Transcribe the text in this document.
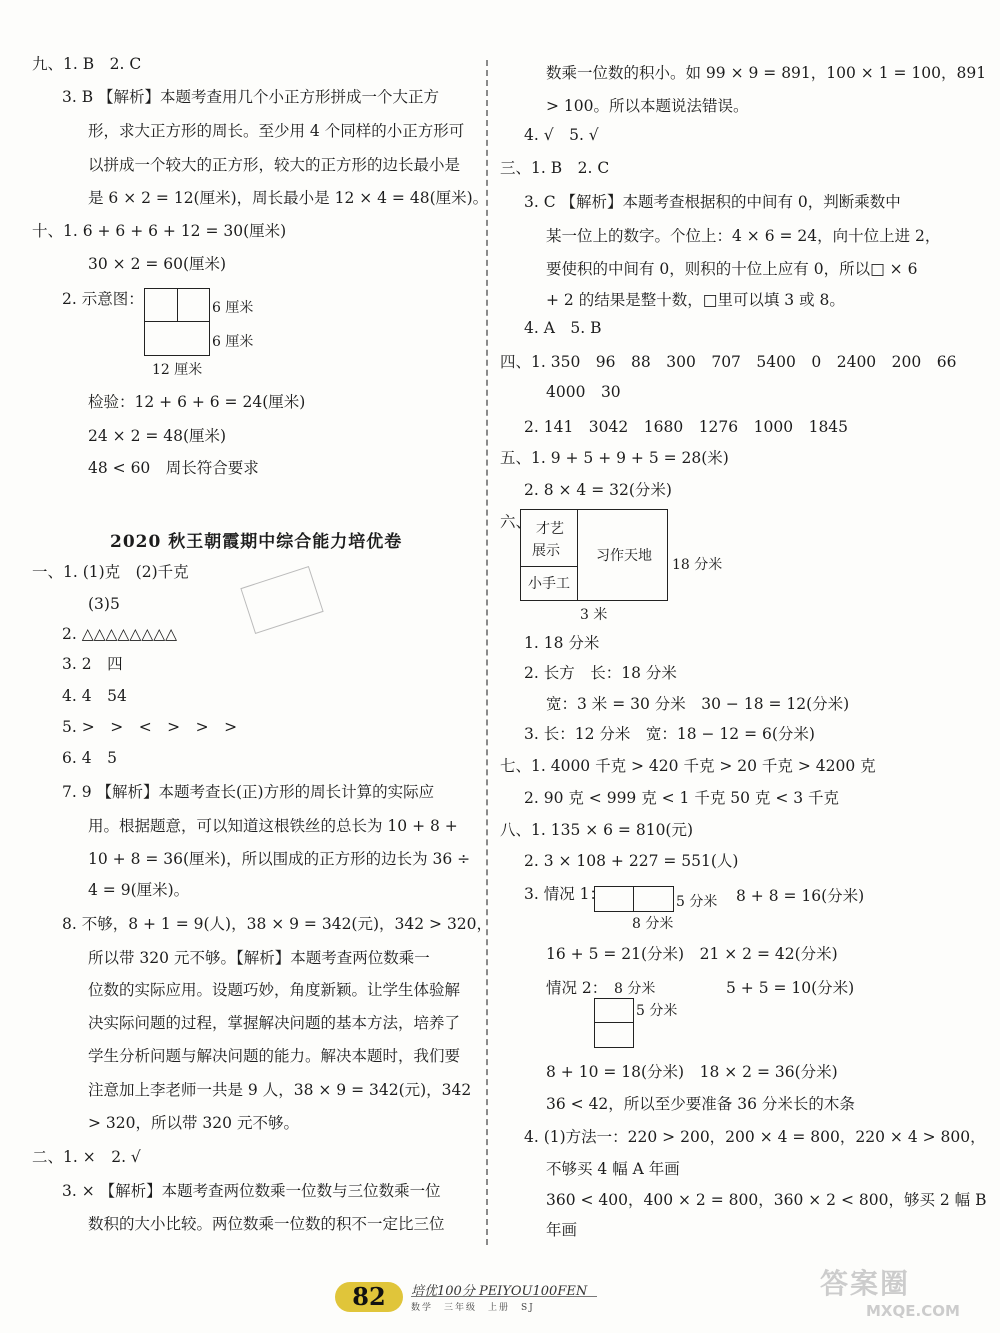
九、1. B　2. C
3. B 【解析】本题考查用几个小正方形拼成一个大正方
形，求大正方形的周长。至少用 4 个同样的小正方形可
以拼成一个较大的正方形，较大的正方形的边长最小是
是 6 × 2 = 12(厘米)，周长最小是 12 × 4 = 48(厘米)。
十、1. 6 + 6 + 6 + 12 = 30(厘米)
30 × 2 = 60(厘米)
2. 示意图：	6 厘米
6 厘米
12 厘米
检验：12 + 6 + 6 = 24(厘米)
24 × 2 = 48(厘米)
48 < 60　周长符合要求
2020 秋王朝霞期中综合能力培优卷
一、1. (1)克　(2)千克
(3)5
2. △△△△△△△△
3. 2　四
4. 4　54
5. >　>　<　>　>　>
6. 4　5
7. 9 【解析】本题考查长(正)方形的周长计算的实际应
用。根据题意，可以知道这根铁丝的总长为 10 + 8 +
10 + 8 = 36(厘米)，所以围成的正方形的边长为 36 ÷
4 = 9(厘米)。
8. 不够，8 + 1 = 9(人)，38 × 9 = 342(元)，342 > 320，
所以带 320 元不够。【解析】本题考查两位数乘一
位数的实际应用。设题巧妙，角度新颖。让学生体验解
决实际问题的过程，掌握解决问题的基本方法，培养了
学生分析问题与解决问题的能力。解决本题时，我们要
注意加上李老师一共是 9 人，38 × 9 = 342(元)，342
> 320，所以带 320 元不够。
二、1. ×　2. √
3. × 【解析】本题考查两位数乘一位数与三位数乘一位
数积的大小比较。两位数乘一位数的积不一定比三位
数乘一位数的积小。如 99 × 9 = 891，100 × 1 = 100，891
> 100。所以本题说法错误。
4. √　5. √
三、1. B　2. C
3. C 【解析】本题考查根据积的中间有 0，判断乘数中
某一位上的数字。个位上：4 × 6 = 24，向十位上进 2，
要使积的中间有 0，则积的十位上应有 0，所以□ × 6
+ 2 的结果是整十数，□里可以填 3 或 8。
4. A　5. B
四、1. 350　96　88　300　707　5400　0　2400　200　66
4000　30
2. 141　3042　1680　1276　1000　1845
五、1. 9 + 5 + 9 + 5 = 28(米)
2. 8 × 4 = 32(分米)
六、 才艺
展示	习作天地
小手工
18 分米
3 米
1. 18 分米
2. 长方　长：18 分米
宽：3 米 = 30 分米　30 − 18 = 12(分米)
3. 长：12 分米　宽：18 − 12 = 6(分米)
七、1. 4000 千克 > 420 千克 > 20 千克 > 4200 克
2. 90 克 < 999 克 < 1 千克 50 克 < 3 千克
八、1. 135 × 6 = 810(元)
2. 3 × 108 + 227 = 551(人)
3. 情况 1：	5 分米 8 + 8 = 16(分米)
8 分米
16 + 5 = 21(分米)　21 × 2 = 42(分米)
情况 2： 8 分米	5 + 5 = 10(分米)
5 分米
8 + 10 = 18(分米)　18 × 2 = 36(分米)
36 < 42，所以至少要准备 36 分米长的木条
4. (1)方法一：220 > 200，200 × 4 = 800，220 × 4 > 800，
不够买 4 幅 A 年画
360 < 400，400 × 2 = 800，360 × 2 < 800，够买 2 幅 B
年画
82	培优100分 PEIYOU100FEN
数学　三年级　上册　SJ
答案圈
MXQE.COM
